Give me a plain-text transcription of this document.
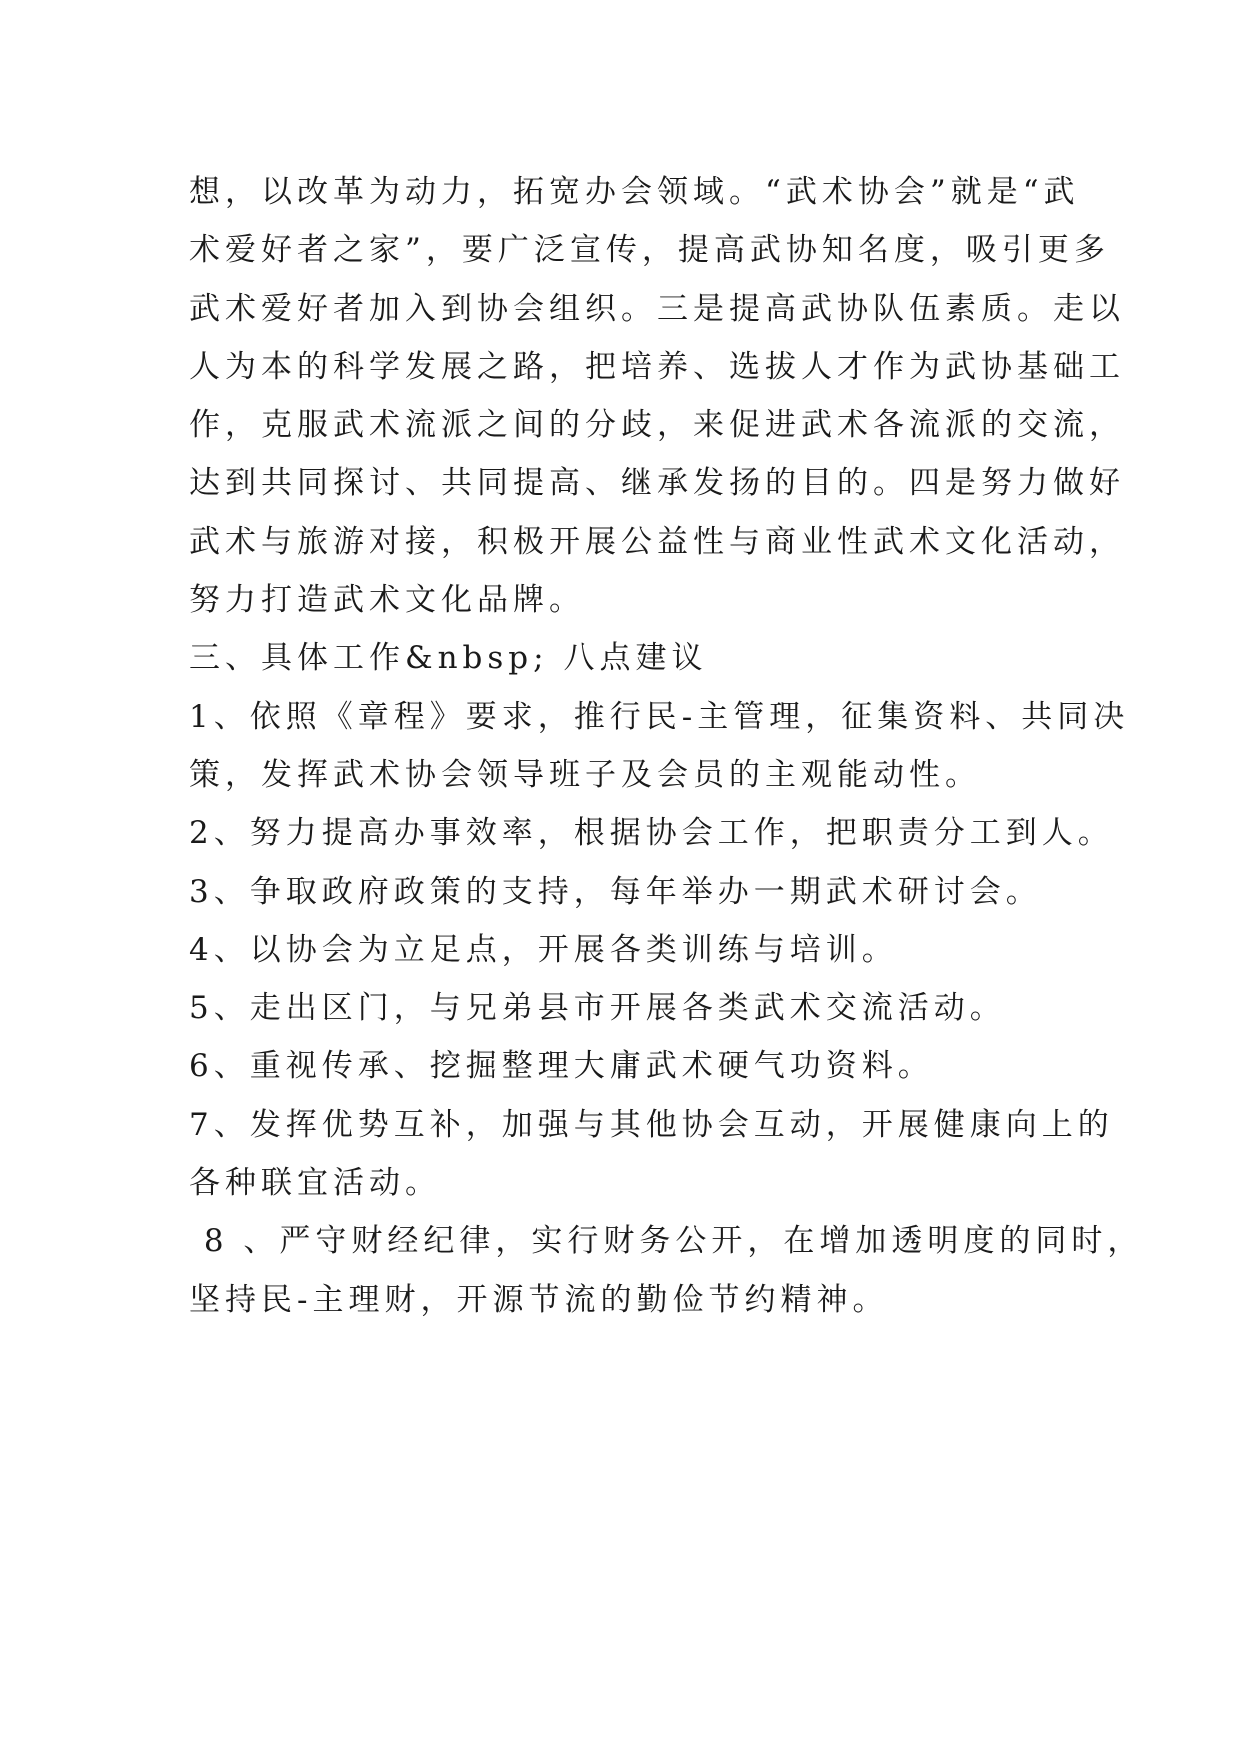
想，以改革为动力，拓宽办会领域。“武术协会”就是“武
术爱好者之家”，要广泛宣传，提高武协知名度，吸引更多
武术爱好者加入到协会组织。三是提高武协队伍素质。走以
人为本的科学发展之路，把培养、选拔人才作为武协基础工
作，克服武术流派之间的分歧，来促进武术各流派的交流，
达到共同探讨、共同提高、继承发扬的目的。四是努力做好
武术与旅游对接，积极开展公益性与商业性武术文化活动，
努力打造武术文化品牌。
三、具体工作&nbsp; 八点建议
1、依照《章程》要求，推行民-主管理，征集资料、共同决
策，发挥武术协会领导班子及会员的主观能动性。
2、努力提高办事效率，根据协会工作，把职责分工到人。
3、争取政府政策的支持，每年举办一期武术研讨会。
4、以协会为立足点，开展各类训练与培训。
5、走出区门，与兄弟县市开展各类武术交流活动。
6、重视传承、挖掘整理大庸武术硬气功资料。
7、发挥优势互补，加强与其他协会互动，开展健康向上的
各种联宜活动。
8 、严守财经纪律，实行财务公开，在增加透明度的同时，
坚持民-主理财，开源节流的勤俭节约精神。
